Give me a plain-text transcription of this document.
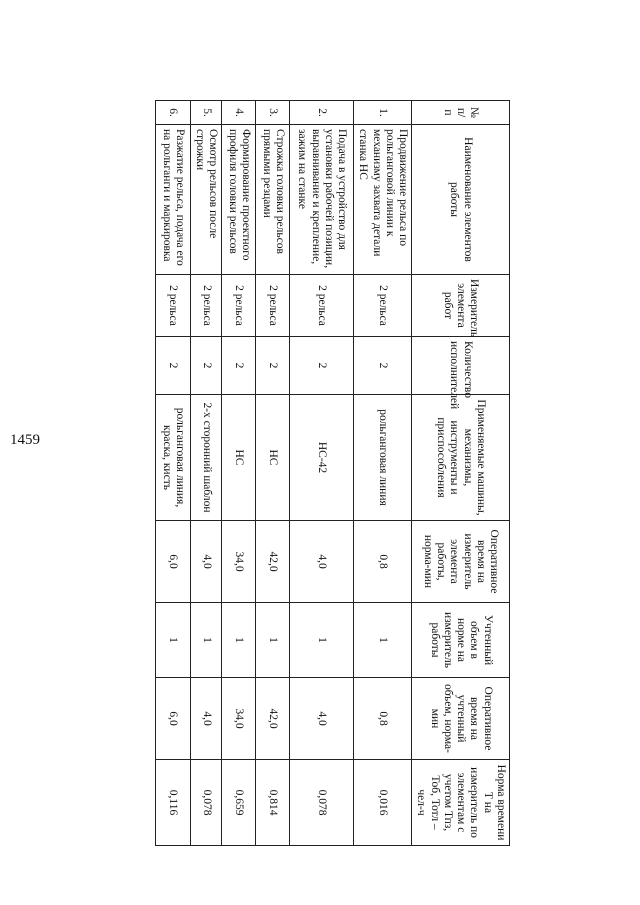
1459
№ п/п	Наименование элементов работы	Измеритель элемента работ	Количество исполнителей	Применяемые машины, механизмы, инструменты и приспособления	Оперативное время на измеритель элемента работы, норма-мин	Учтенный объем в норме на измеритель работы	Оперативное время на учтенный объем, норма-мин	Норма времени Т на измеритель по элементам с учетом Тпз, Тоб, Тотл – чел-ч
1.	Продвижение рельса по рольганговой линии к механизму захвата детали станка НС	2 рельса	2	рольганговая линия	0,8	1	0,8	0,016
2.	Подача в устройство для установки рабочей позиции, выравнивание и крепление, зажим на станке	2 рельса	2	НС-42	4,0	1	4,0	0,078
3.	Строжка головки рельсов прямыми резцами	2 рельса	2	НС	42,0	1	42,0	0,814
4.	Формирование проектного профиля головки рельсов	2 рельса	2	НС	34,0	1	34,0	0,659
5.	Осмотр рельсов после строжки	2 рельса	2	2-х сторонний шаблон	4,0	1	4,0	0,078
6.	Разжатие рельса, подача его на рольганги и маркировка	2 рельса	2	рольганговая линия, краска, кисть	6,0	1	6,0	0,116
